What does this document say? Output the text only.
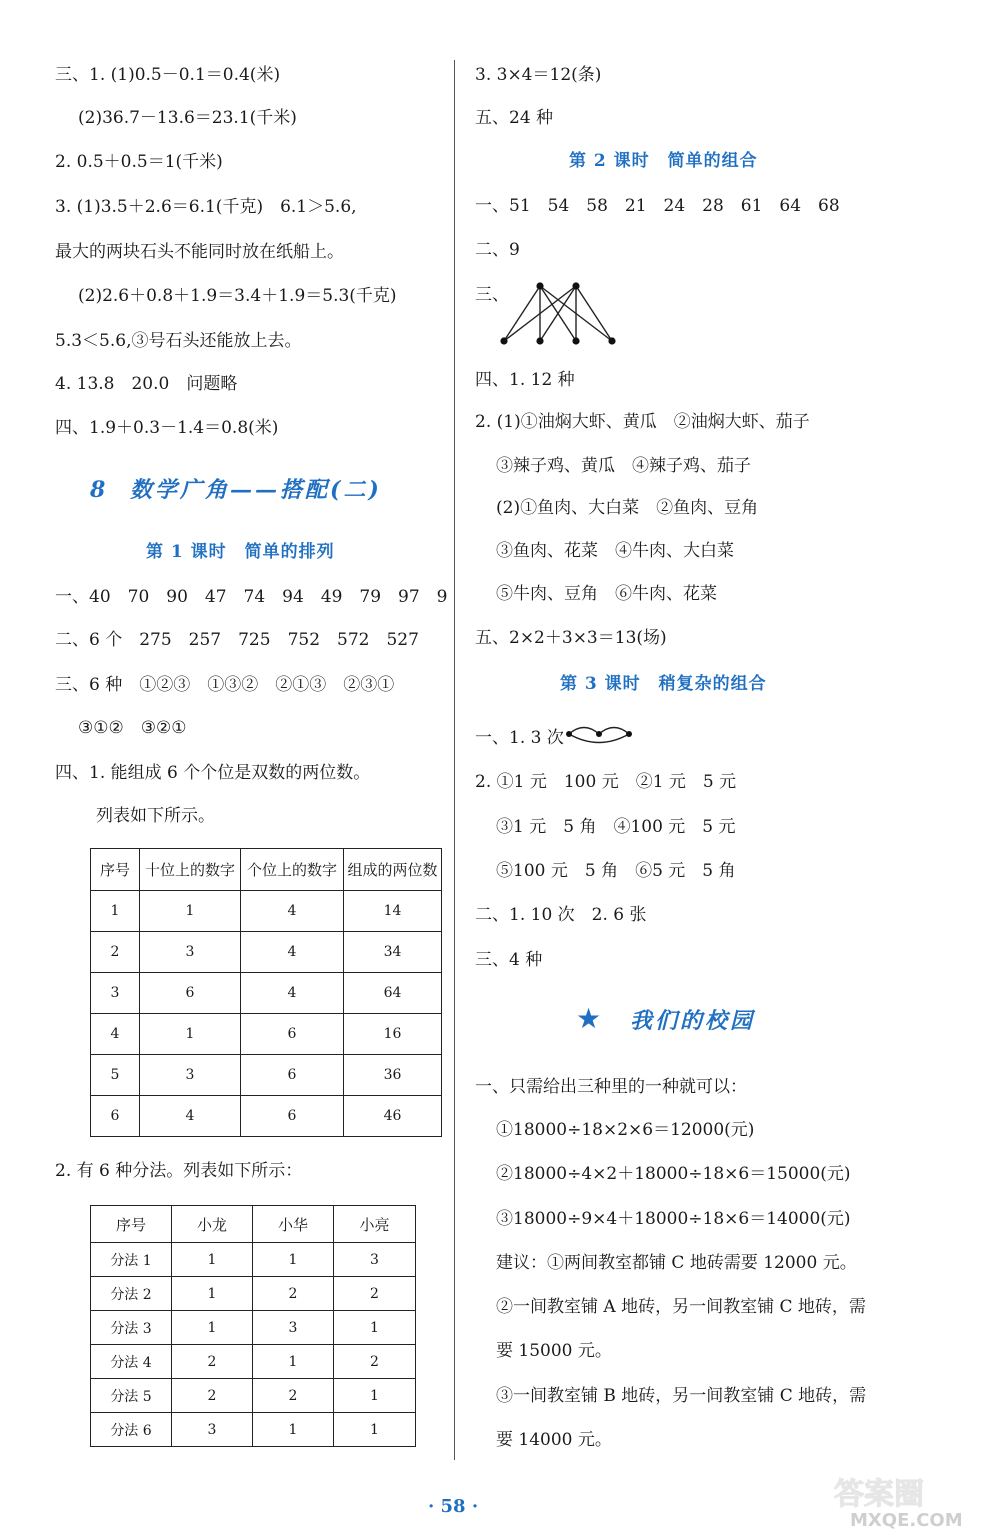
三、1. (1)0.5－0.1＝0.4(米)
(2)36.7－13.6＝23.1(千米)
2. 0.5＋0.5＝1(千米)
3. (1)3.5＋2.6＝6.1(千克)　6.1＞5.6,
最大的两块石头不能同时放在纸船上。
(2)2.6＋0.8＋1.9＝3.4＋1.9＝5.3(千克)
5.3＜5.6,③号石头还能放上去。
4. 13.8　20.0　问题略
四、1.9＋0.3－1.4＝0.8(米)
8 数学广角——搭配(二)
第 1 课时　简单的排列
一、40　70　90　47　74　94　49　79　97　9
二、6 个　275　257　725　752　572　527
三、6 种　①②③　①③②　②①③　②③①
③①②　③②①
四、1. 能组成 6 个个位是双数的两位数。
列表如下所示。
序号	十位上的数字	个位上的数字	组成的两位数
1	1	4	14
2	3	4	34
3	6	4	64
4	1	6	16
5	3	6	36
6	4	6	46
2. 有 6 种分法。列表如下所示：
序号	小龙	小华	小亮
分法 1	1	1	3
分法 2	1	2	2
分法 3	1	3	1
分法 4	2	1	2
分法 5	2	2	1
分法 6	3	1	1
3. 3×4＝12(条)
五、24 种
第 2 课时　简单的组合
一、51　54　58　21　24　28　61　64　68
二、9
三、
四、1. 12 种
2. (1)①油焖大虾、黄瓜　②油焖大虾、茄子
③辣子鸡、黄瓜　④辣子鸡、茄子
(2)①鱼肉、大白菜　②鱼肉、豆角
③鱼肉、花菜　④牛肉、大白菜
⑤牛肉、豆角　⑥牛肉、花菜
五、2×2＋3×3＝13(场)
第 3 课时　稍复杂的组合
一、1. 3 次
2. ①1 元　100 元　②1 元　5 元
③1 元　5 角　④100 元　5 元
⑤100 元　5 角　⑥5 元　5 角
二、1. 10 次　2. 6 张
三、4 种
★ 我们的校园
一、只需给出三种里的一种就可以：
①18000÷18×2×6＝12000(元)
②18000÷4×2＋18000÷18×6＝15000(元)
③18000÷9×4＋18000÷18×6＝14000(元)
建议：①两间教室都铺 C 地砖需要 12000 元。
②一间教室铺 A 地砖，另一间教室铺 C 地砖，需
要 15000 元。
③一间教室铺 B 地砖，另一间教室铺 C 地砖，需
要 14000 元。
· 58 ·	答案圈
MXQE.COM
